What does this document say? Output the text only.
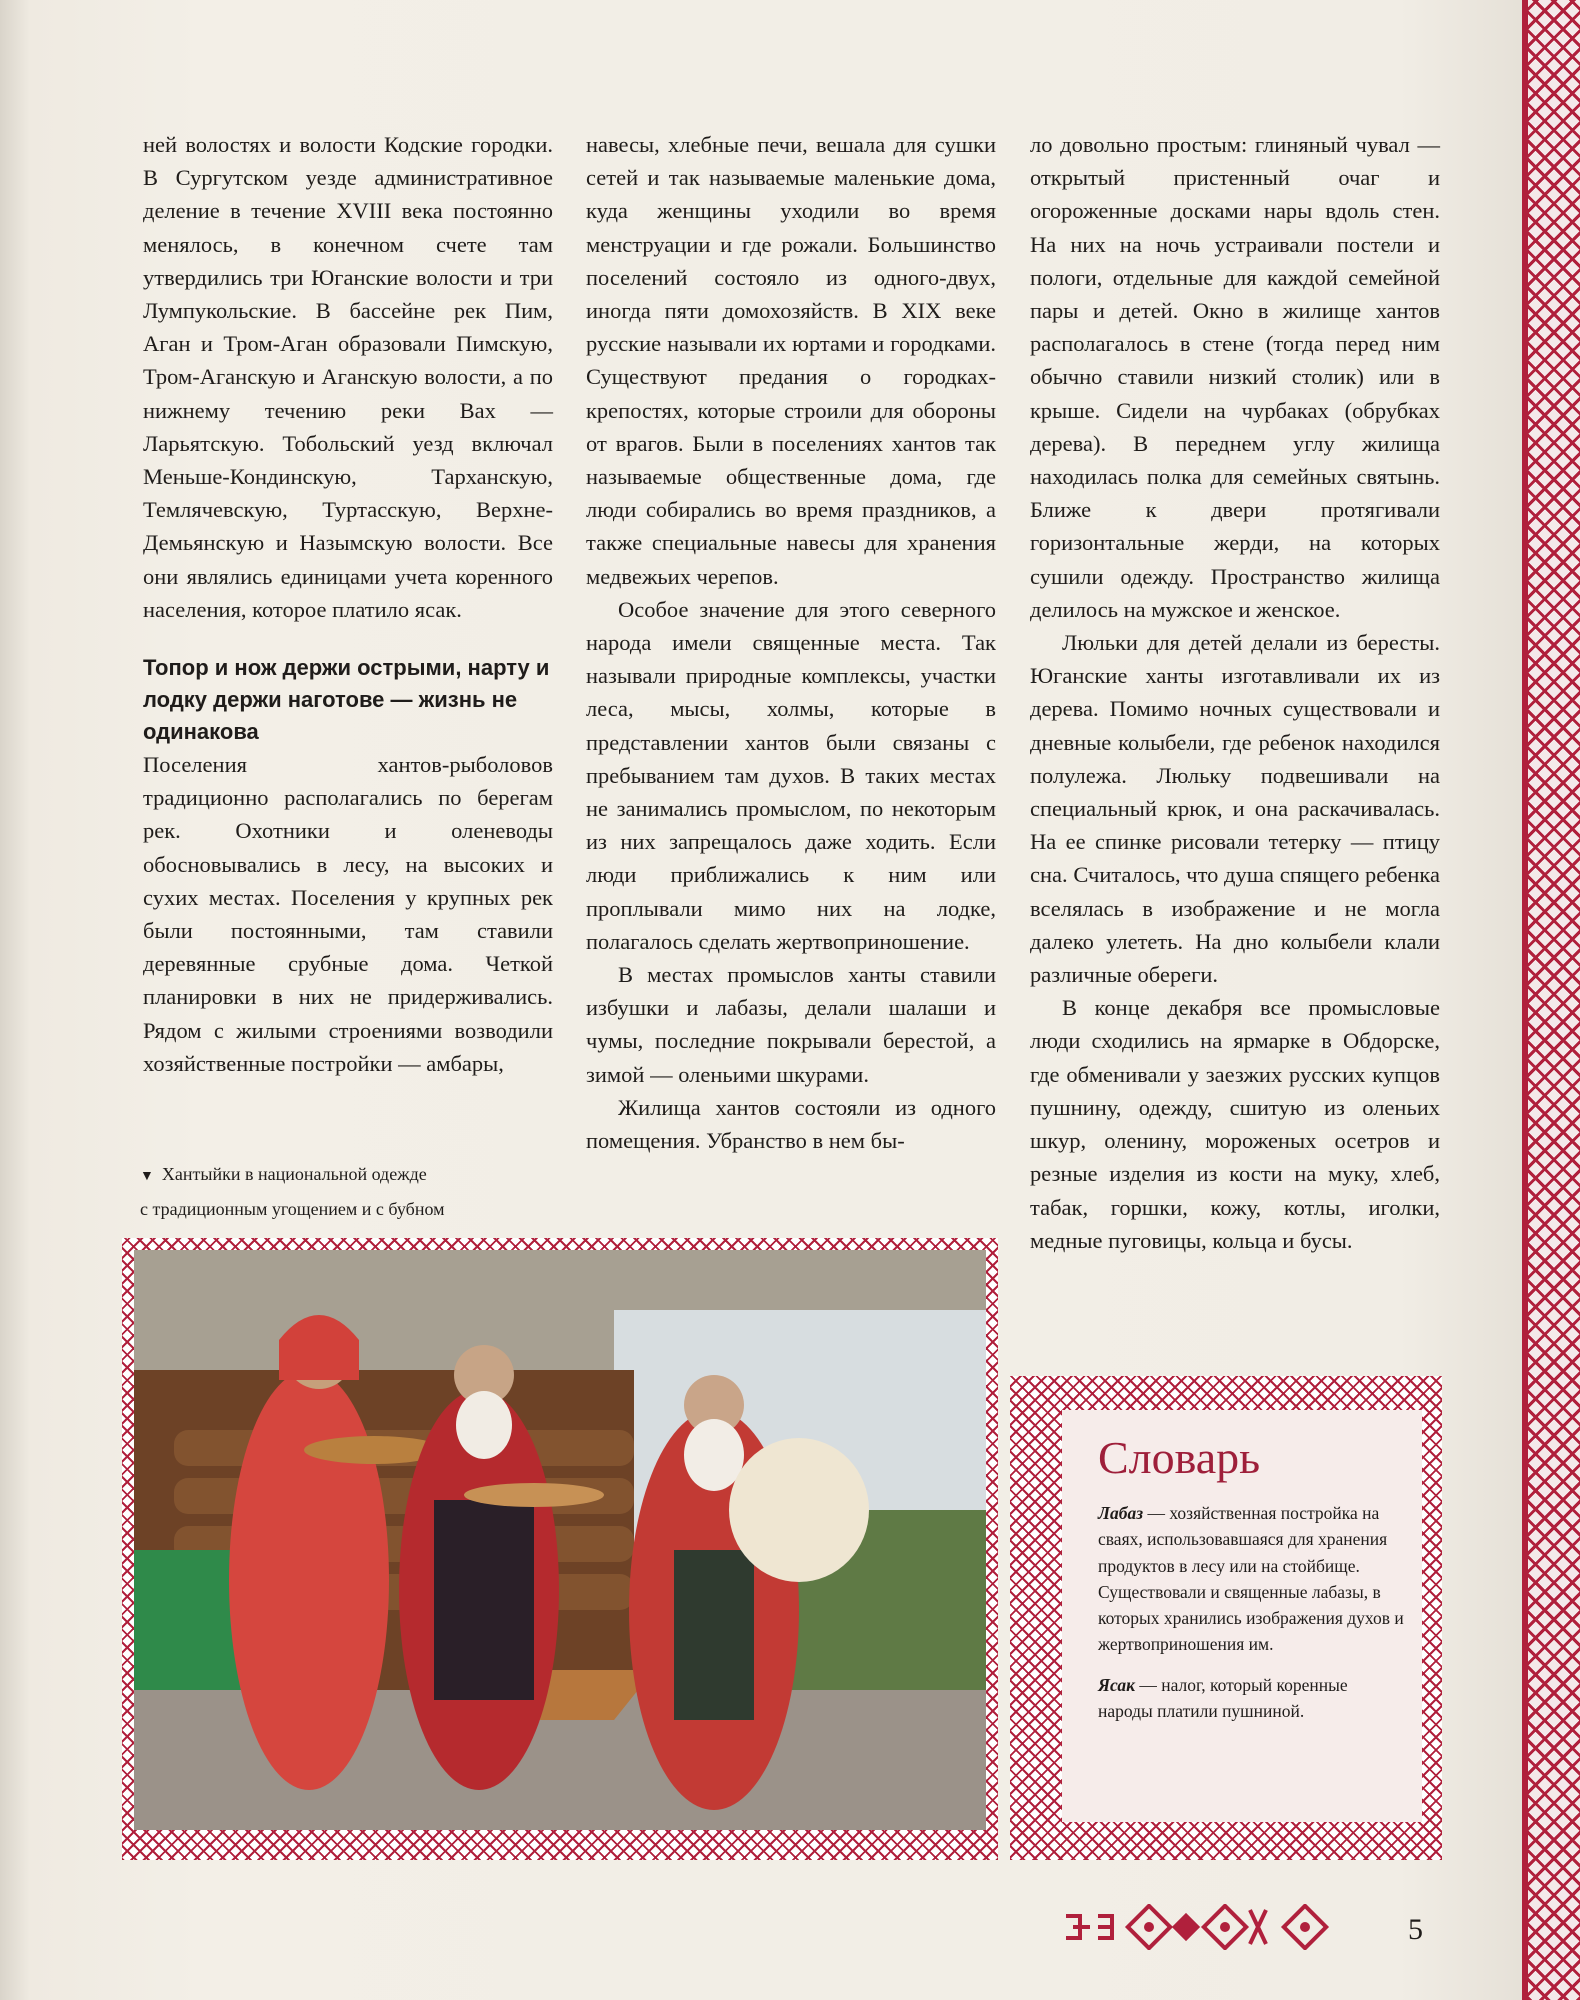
ней волостях и волости Кодские городки. В Сургутском уезде административное деление в течение XVIII века постоянно менялось, в конечном счете там утвердились три Юганские волости и три Лумпукольские. В бассейне рек Пим, Аган и Тром-Аган образовали Пимскую, Тром-Аганскую и Аганскую волости, а по нижнему течению реки Вах — Ларьятскую. Тобольский уезд включал Меньше-Кондинскую, Тарханскую, Темлячевскую, Туртасскую, Верхне-Демьянскую и Назымскую волости. Все они являлись единицами учета коренного населения, которое платило ясак.

Топор и нож держи острыми, нарту и лодку держи наготове — жизнь не одинакова

Поселения хантов-рыболовов традиционно располагались по берегам рек. Охотники и оленеводы обосновывались в лесу, на высоких и сухих местах. Поселения у крупных рек были постоянными, там ставили деревянные срубные дома. Четкой планировки в них не придерживались. Рядом с жилыми строениями возводили хозяйственные постройки — амбары,

навесы, хлебные печи, вешала для сушки сетей и так называемые маленькие дома, куда женщины уходили во время менструации и где рожали. Большинство поселений состояло из одного-двух, иногда пяти домохозяйств. В XIX веке русские называли их юртами и городками. Существуют предания о городках-крепостях, которые строили для обороны от врагов. Были в поселениях хантов так называемые общественные дома, где люди собирались во время праздников, а также специальные навесы для хранения медвежьих черепов.

Особое значение для этого северного народа имели священные места. Так называли природные комплексы, участки леса, мысы, холмы, которые в представлении хантов были связаны с пребыванием там духов. В таких местах не занимались промыслом, по некоторым из них запрещалось даже ходить. Если люди приближались к ним или проплывали мимо них на лодке, полагалось сделать жертвоприношение.

В местах промыслов ханты ставили избушки и лабазы, делали шалаши и чумы, последние покрывали берестой, а зимой — оленьими шкурами.

Жилища хантов состояли из одного помещения. Убранство в нем бы-

ло довольно простым: глиняный чувал — открытый пристенный очаг и огороженные досками нары вдоль стен. На них на ночь устраивали постели и пологи, отдельные для каждой семейной пары и детей. Окно в жилище хантов располагалось в стене (тогда перед ним обычно ставили низкий столик) или в крыше. Сидели на чурбаках (обрубках дерева). В переднем углу жилища находилась полка для семейных святынь. Ближе к двери протягивали горизонтальные жерди, на которых сушили одежду. Пространство жилища делилось на мужское и женское.

Люльки для детей делали из бересты. Юганские ханты изготавливали их из дерева. Помимо ночных существовали и дневные колыбели, где ребенок находился полулежа. Люльку подвешивали на специальный крюк, и она раскачивалась. На ее спинке рисовали тетерку — птицу сна. Считалось, что душа спящего ребенка вселялась в изображение и не могла далеко улететь. На дно колыбели клали различные обереги.

В конце декабря все промысловые люди сходились на ярмарке в Обдорске, где обменивали у заезжих русских купцов пушнину, одежду, сшитую из оленьих шкур, оленину, мороженых осетров и резные изделия из кости на муку, хлеб, табак, горшки, кожу, котлы, иголки, медные пуговицы, кольца и бусы.

▼ Хантыйки в национальной одежде
с традиционным угощением и с бубном
Словарь

Лабаз — хозяйственная постройка на сваях, использовавшаяся для хранения продуктов в лесу или на стойбище. Существовали и священные лабазы, в которых хранились изображения духов и жертвоприношения им.

Ясак — налог, который коренные народы платили пушниной.

5
